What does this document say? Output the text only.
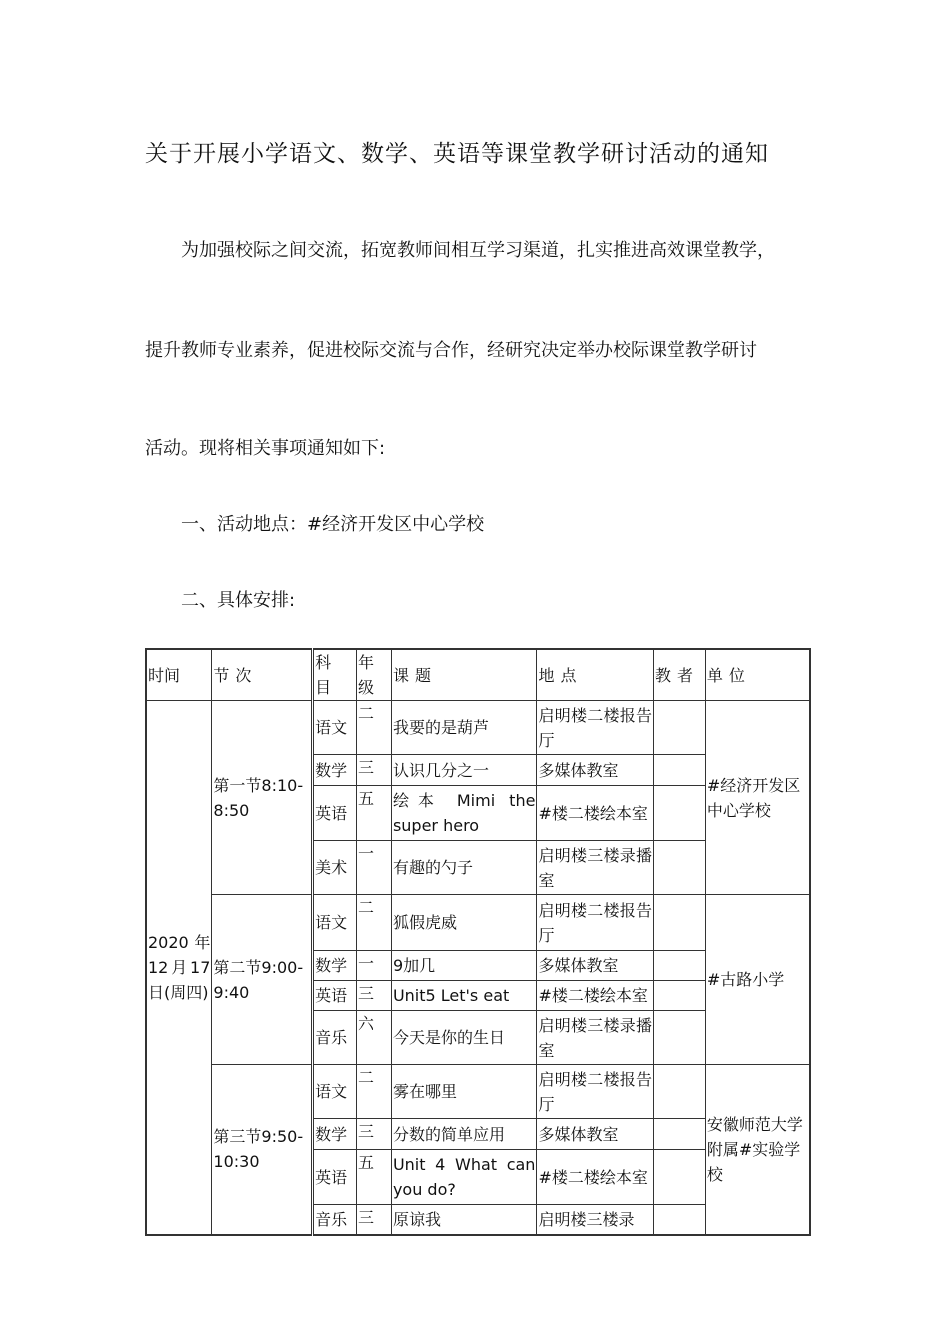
关于开展小学语文、数学、英语等课堂教学研讨活动的通知

为加强校际之间交流，拓宽教师间相互学习渠道，扎实推进高效课堂教学，

提升教师专业素养，促进校际交流与合作，经研究决定举办校际课堂教学研讨

活动。现将相关事项通知如下:

一、活动地点：#经济开发区中心学校

二、具体安排:

时间	节次	科目	年级	课题	地点	教者	单位
2020年12月17日(周四)	第一节8:10-8:50	语文	二	我要的是葫芦	启明楼二楼报告厅		#经济开发区中心学校
		数学	三	认识几分之一	多媒体教室		
		英语	五	绘本 Mimi the super hero	#楼二楼绘本室		
		美术	一	有趣的勺子	启明楼三楼录播室		
	第二节9:00-9:40	语文	二	狐假虎威	启明楼二楼报告厅		#古路小学
		数学	一	9加几	多媒体教室		
		英语	三	Unit5 Let's eat	#楼二楼绘本室		
		音乐	六	今天是你的生日	启明楼三楼录播室		
	第三节9:50-10:30	语文	二	雾在哪里	启明楼二楼报告厅		安徽师范大学附属#实验学校
		数学	三	分数的简单应用	多媒体教室		
		英语	五	Unit 4 What can you do?	#楼二楼绘本室		
		音乐	三	原谅我	启明楼三楼录		
